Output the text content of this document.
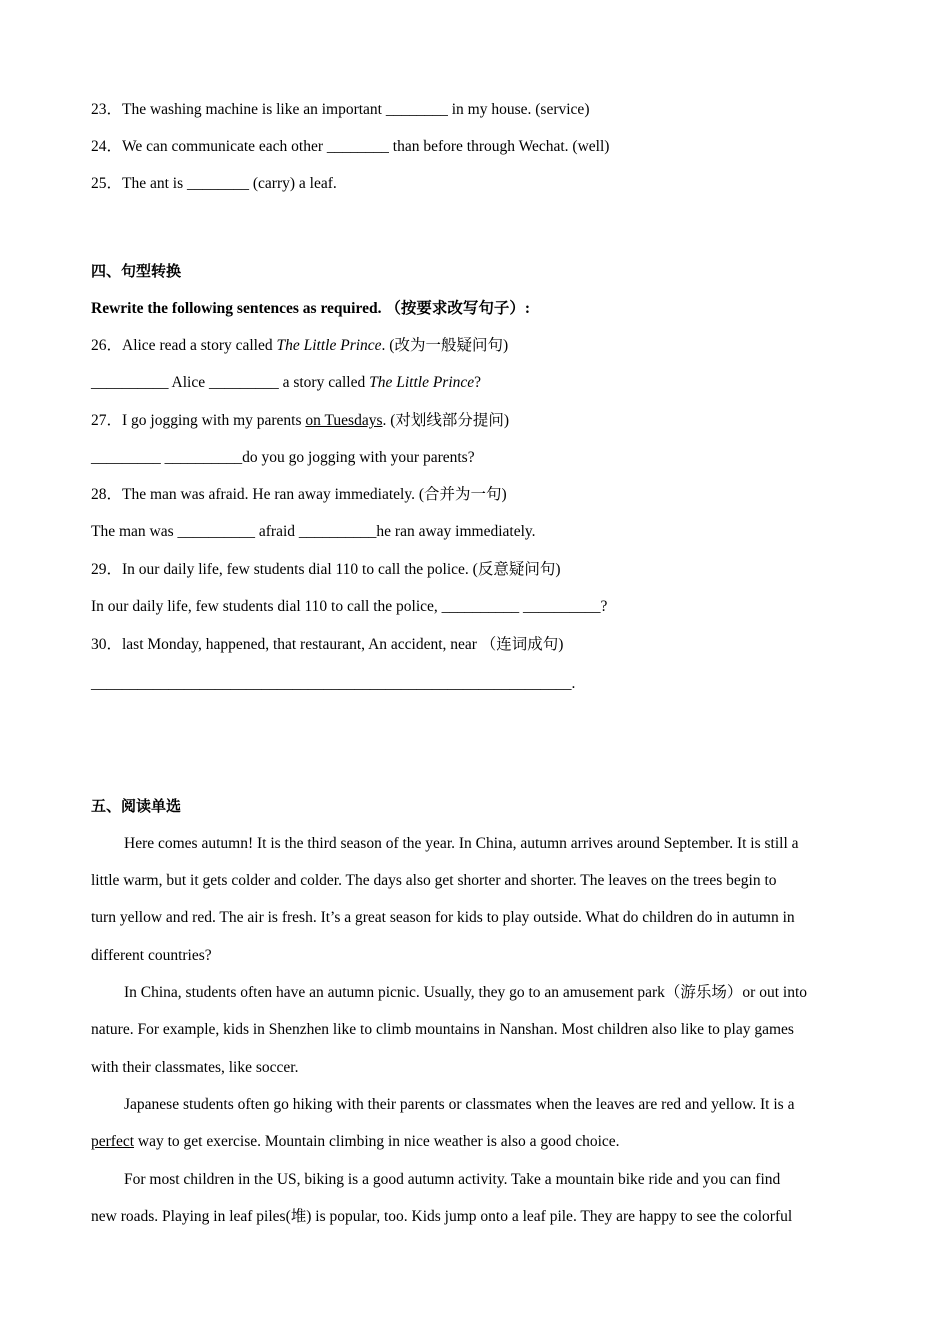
23．The washing machine is like an important ________ in my house. (service)
24．We can communicate each other ________ than before through Wechat. (well)
25．The ant is ________ (carry) a leaf.
四、句型转换
Rewrite the following sentences as required. （按要求改写句子）:
26．Alice read a story called The Little Prince. (改为一般疑问句)
__________ Alice _________ a story called The Little Prince?
27．I go jogging with my parents on Tuesdays. (对划线部分提问)
_________ __________do you go jogging with your parents?
28．The man was afraid. He ran away immediately. (合并为一句)
The man was __________ afraid __________he ran away immediately.
29．In our daily life, few students dial 110 to call the police. (反意疑问句)
In our daily life, few students dial 110 to call the police, __________ __________?
30．last Monday, happened, that restaurant, An accident, near （连词成句)
______________________________________________________________.
五、阅读单选
Here comes autumn! It is the third season of the year. In China, autumn arrives around September. It is still a
little warm, but it gets colder and colder. The days also get shorter and shorter. The leaves on the trees begin to
turn yellow and red. The air is fresh. It’s a great season for kids to play outside. What do children do in autumn in
different countries?
In China, students often have an autumn picnic. Usually, they go to an amusement park（游乐场）or out into
nature. For example, kids in Shenzhen like to climb mountains in Nanshan. Most children also like to play games
with their classmates, like soccer.
Japanese students often go hiking with their parents or classmates when the leaves are red and yellow. It is a
perfect way to get exercise. Mountain climbing in nice weather is also a good choice.
For most children in the US, biking is a good autumn activity. Take a mountain bike ride and you can find
new roads. Playing in leaf piles(堆) is popular, too. Kids jump onto a leaf pile. They are happy to see the colorful
